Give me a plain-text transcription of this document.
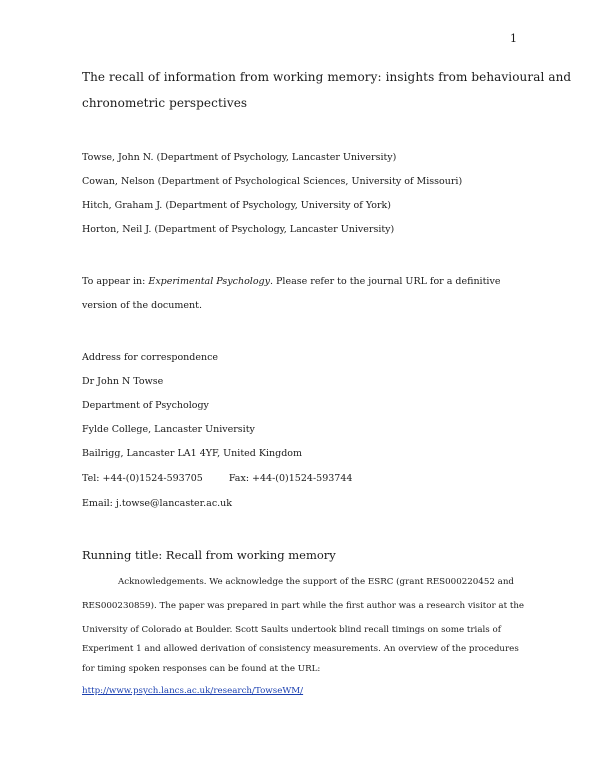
1
The recall of information from working memory: insights from behavioural and
chronometric perspectives
Towse, John N. (Department of Psychology, Lancaster University)
Cowan, Nelson (Department of Psychological Sciences, University of Missouri)
Hitch, Graham J. (Department of Psychology, University of York)
Horton, Neil J. (Department of Psychology, Lancaster University)
To appear in: Experimental Psychology. Please refer to the journal URL for a definitive
version of the document.
Address for correspondence
Dr John N Towse
Department of Psychology
Fylde College, Lancaster University
Bailrigg, Lancaster LA1 4YF, United Kingdom
Tel: +44-(0)1524-593705	Fax: +44-(0)1524-593744
Email: j.towse@lancaster.ac.uk
Running title: Recall from working memory
Acknowledgements. We acknowledge the support of the ESRC (grant RES000220452 and
RES000230859). The paper was prepared in part while the first author was a research visitor at the
University of Colorado at Boulder. Scott Saults undertook blind recall timings on some trials of
Experiment 1 and allowed derivation of consistency measurements. An overview of the procedures
for timing spoken responses can be found at the URL:
http://www.psych.lancs.ac.uk/research/TowseWM/
